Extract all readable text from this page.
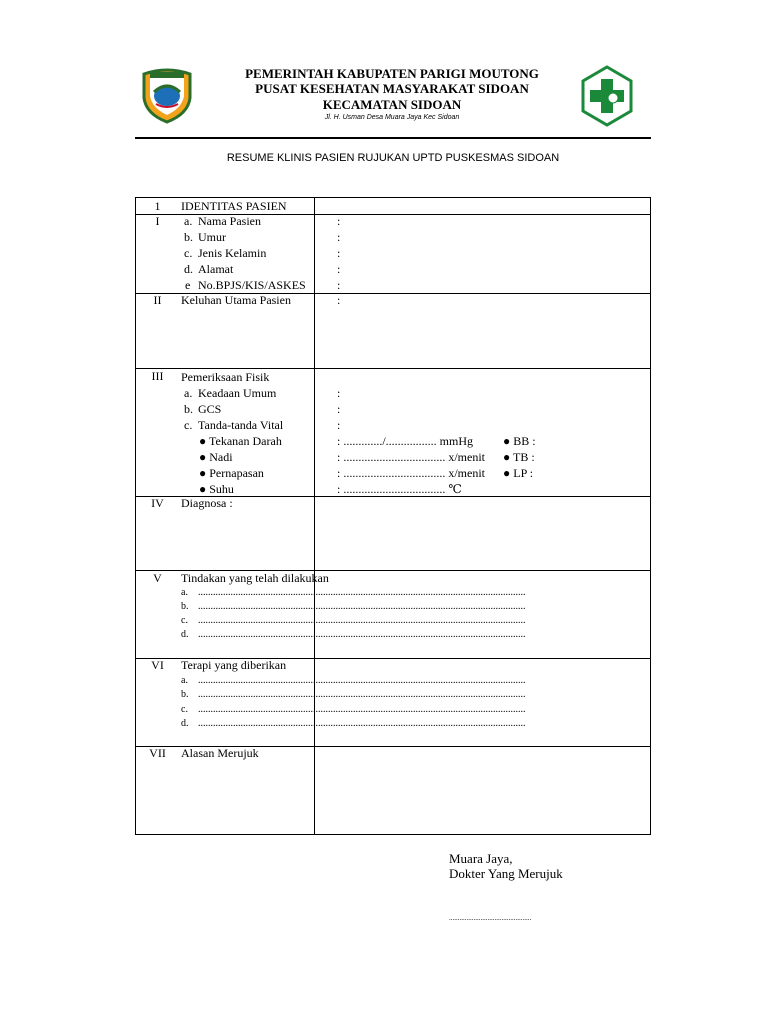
PEMERINTAH KABUPATEN PARIGI MOUTONG
PUSAT KESEHATAN MASYARAKAT SIDOAN
KECAMATAN SIDOAN
Jl. H. Usman Desa Muara Jaya Kec Sidoan
RESUME KLINIS PASIEN RUJUKAN UPTD PUSKESMAS SIDOAN
1	IDENTITAS PASIEN
I	a. Nama Pasien	:
b. Umur	:
c. Jenis Kelamin	:
d. Alamat	:
e No.BPJS/KIS/ASKES	:
II	Keluhan Utama Pasien	:
III	Pemeriksaan Fisik
a. Keadaan Umum	:
b. GCS	:
c. Tanda-tanda Vital	:
● Tekanan Darah	: ............./................. mmHg ● BB :
● Nadi	: .................................. x/menit ● TB :
● Pernapasan	: .................................. x/menit ● LP :
● Suhu	: .................................. ℃
IV	Diagnosa :
V	Tindakan yang telah dilakukan
a. ...................................................................................................................................
b. ...................................................................................................................................
c. ...................................................................................................................................
d. ...................................................................................................................................
VI	Terapi yang diberikan
a. ...................................................................................................................................
b. ...................................................................................................................................
c. ...................................................................................................................................
d. ...................................................................................................................................
VII	Alasan Merujuk
Muara Jaya,
Dokter Yang Merujuk
...............................................
